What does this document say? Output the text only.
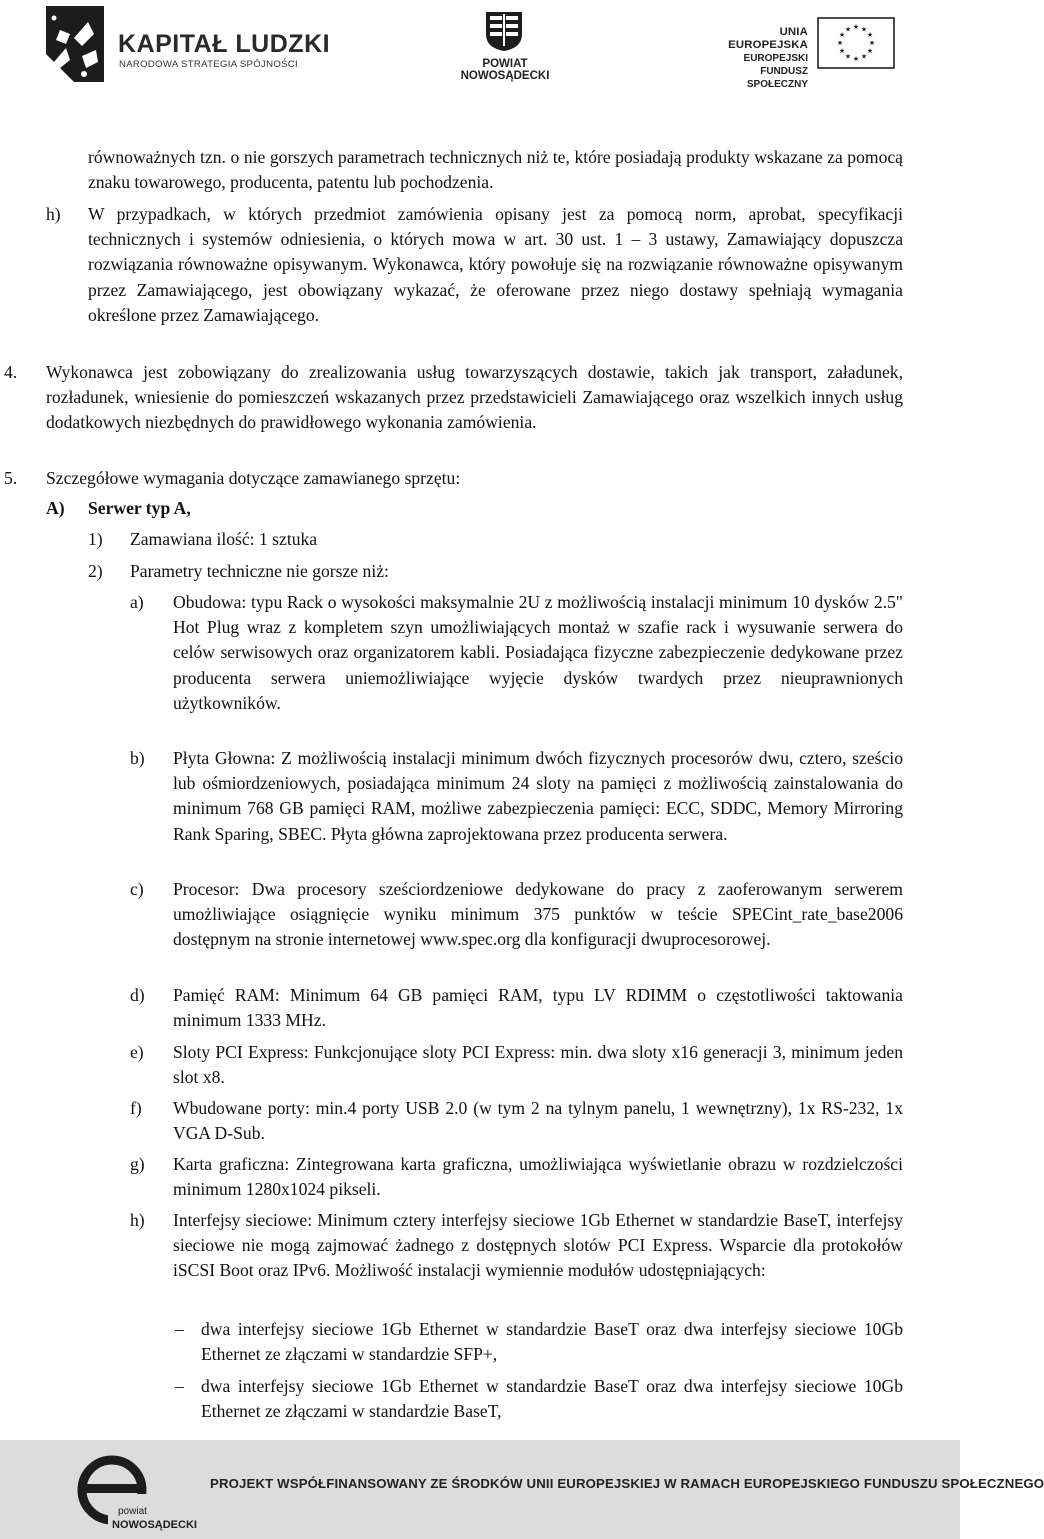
KAPITAŁ LUDZKI
NARODOWA STRATEGIA SPÓJNOŚCI	POWIAT NOWOSĄDECKI
UNIA EUROPEJSKA
EUROPEJSKI
FUNDUSZ SPOŁECZNY
★ ★
★
★
★
★
★
★
★
★
★
★

równoważnych tzn. o nie gorszych parametrach technicznych niż te, które posiadają produkty wskazane za pomocą znaku towarowego, producenta, patentu lub pochodzenia.

h) W przypadkach, w których przedmiot zamówienia opisany jest za pomocą norm, aprobat, specyfikacji technicznych i systemów odniesienia, o których mowa w art. 30 ust. 1 – 3 ustawy, Zamawiający dopuszcza rozwiązania równoważne opisywanym. Wykonawca, który powołuje się na rozwiązanie równoważne opisywanym przez Zamawiającego, jest obowiązany wykazać, że oferowane przez niego dostawy spełniają wymagania określone przez Zamawiającego.

4. Wykonawca jest zobowiązany do zrealizowania usług towarzyszących dostawie, takich jak transport, załadunek, rozładunek, wniesienie do pomieszczeń wskazanych przez przedstawicieli Zamawiającego oraz wszelkich innych usług dodatkowych niezbędnych do prawidłowego wykonania zamówienia.

5. Szczegółowe wymagania dotyczące zamawianego sprzętu:

A) Serwer typ A,

1) Zamawiana ilość: 1 sztuka

2) Parametry techniczne nie gorsze niż:

a) Obudowa: typu Rack o wysokości maksymalnie 2U z możliwością instalacji minimum 10 dysków 2.5" Hot Plug wraz z kompletem szyn umożliwiających montaż w szafie rack i wysuwanie serwera do celów serwisowych oraz organizatorem kabli. Posiadająca fizyczne zabezpieczenie dedykowane przez producenta serwera uniemożliwiające wyjęcie dysków twardych przez nieuprawnionych użytkowników.

b) Płyta Głowna: Z możliwością instalacji minimum dwóch fizycznych procesorów dwu, cztero, sześcio lub ośmiordzeniowych, posiadająca minimum 24 sloty na pamięci z możliwością zainstalowania do minimum 768 GB pamięci RAM, możliwe zabezpieczenia pamięci: ECC, SDDC, Memory Mirroring Rank Sparing, SBEC. Płyta główna zaprojektowana przez producenta serwera.

c) Procesor: Dwa procesory sześciordzeniowe dedykowane do pracy z zaoferowanym serwerem umożliwiające osiągnięcie wyniku minimum 375 punktów w teście SPECint_rate_base2006 dostępnym na stronie internetowej www.spec.org dla konfiguracji dwuprocesorowej.

d) Pamięć RAM: Minimum 64 GB pamięci RAM, typu LV RDIMM o częstotliwości taktowania minimum 1333 MHz.

e) Sloty PCI Express: Funkcjonujące sloty PCI Express: min. dwa sloty x16 generacji 3, minimum jeden slot x8.

f) Wbudowane porty: min.4 porty USB 2.0 (w tym 2 na tylnym panelu, 1 wewnętrzny), 1x RS-232, 1x VGA D-Sub.

g) Karta graficzna: Zintegrowana karta graficzna, umożliwiająca wyświetlanie obrazu w rozdzielczości minimum 1280x1024 pikseli.

h) Interfejsy sieciowe: Minimum cztery interfejsy sieciowe 1Gb Ethernet w standardzie BaseT, interfejsy sieciowe nie mogą zajmować żadnego z dostępnych slotów PCI Express. Wsparcie dla protokołów iSCSI Boot oraz IPv6. Możliwość instalacji wymiennie modułów udostępniających:

– dwa interfejsy sieciowe 1Gb Ethernet w standardzie BaseT oraz dwa interfejsy sieciowe 10Gb Ethernet ze złączami w standardzie SFP+,

– dwa interfejsy sieciowe 1Gb Ethernet w standardzie BaseT oraz dwa interfejsy sieciowe 10Gb Ethernet ze złączami w standardzie BaseT,

powiat
NOWOSĄDECKI
PROJEKT WSPÓŁFINANSOWANY ZE ŚRODKÓW UNII EUROPEJSKIEJ W RAMACH EUROPEJSKIEGO FUNDUSZU SPOŁECZNEGO
